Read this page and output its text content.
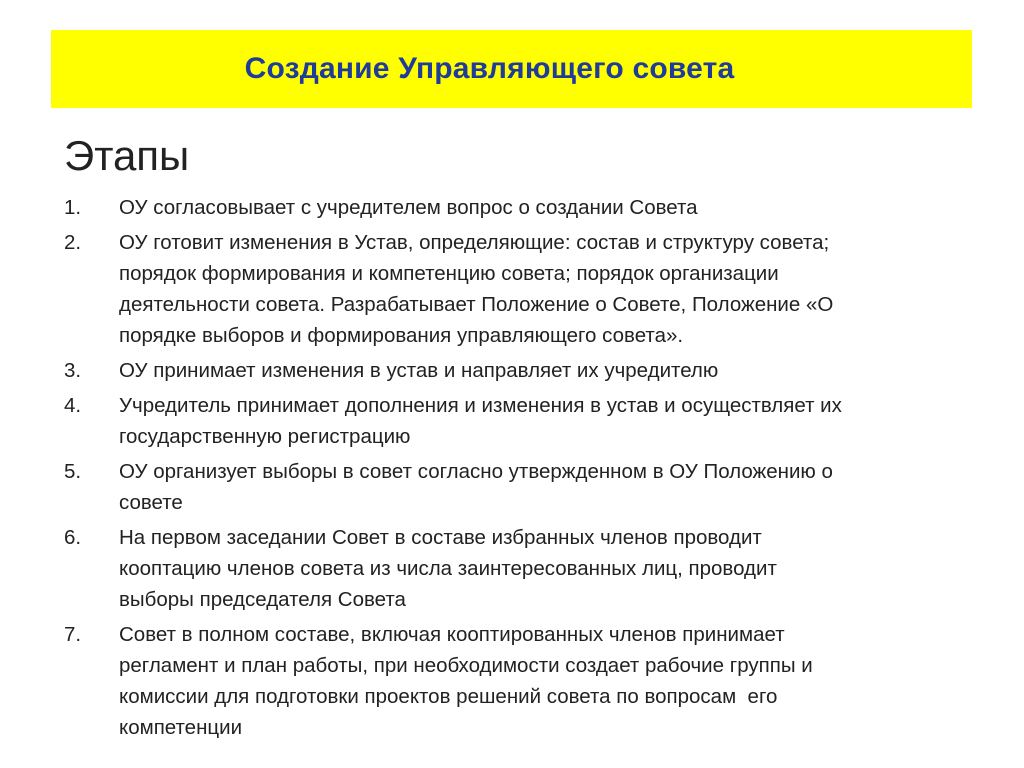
Создание Управляющего совета
Этапы
1.	ОУ согласовывает с учредителем вопрос о создании Совета
2.	ОУ готовит изменения в Устав, определяющие: состав и структуру совета;
порядок формирования и компетенцию совета; порядок организации
деятельности совета. Разрабатывает Положение о Совете, Положение «О
порядке выборов и формирования управляющего совета».
3.	ОУ принимает изменения в устав и направляет их учредителю
4.	Учредитель принимает дополнения и изменения в устав и осуществляет их
государственную регистрацию
5.	ОУ организует выборы в совет согласно утвержденном в ОУ Положению о
совете
6.	На первом заседании Совет в составе избранных членов проводит
кооптацию членов совета из числа заинтересованных лиц, проводит
выборы председателя Совета
7.	Совет в полном составе, включая кооптированных членов принимает
регламент и план работы, при необходимости создает рабочие группы и
комиссии для подготовки проектов решений совета по вопросам  его
компетенции
